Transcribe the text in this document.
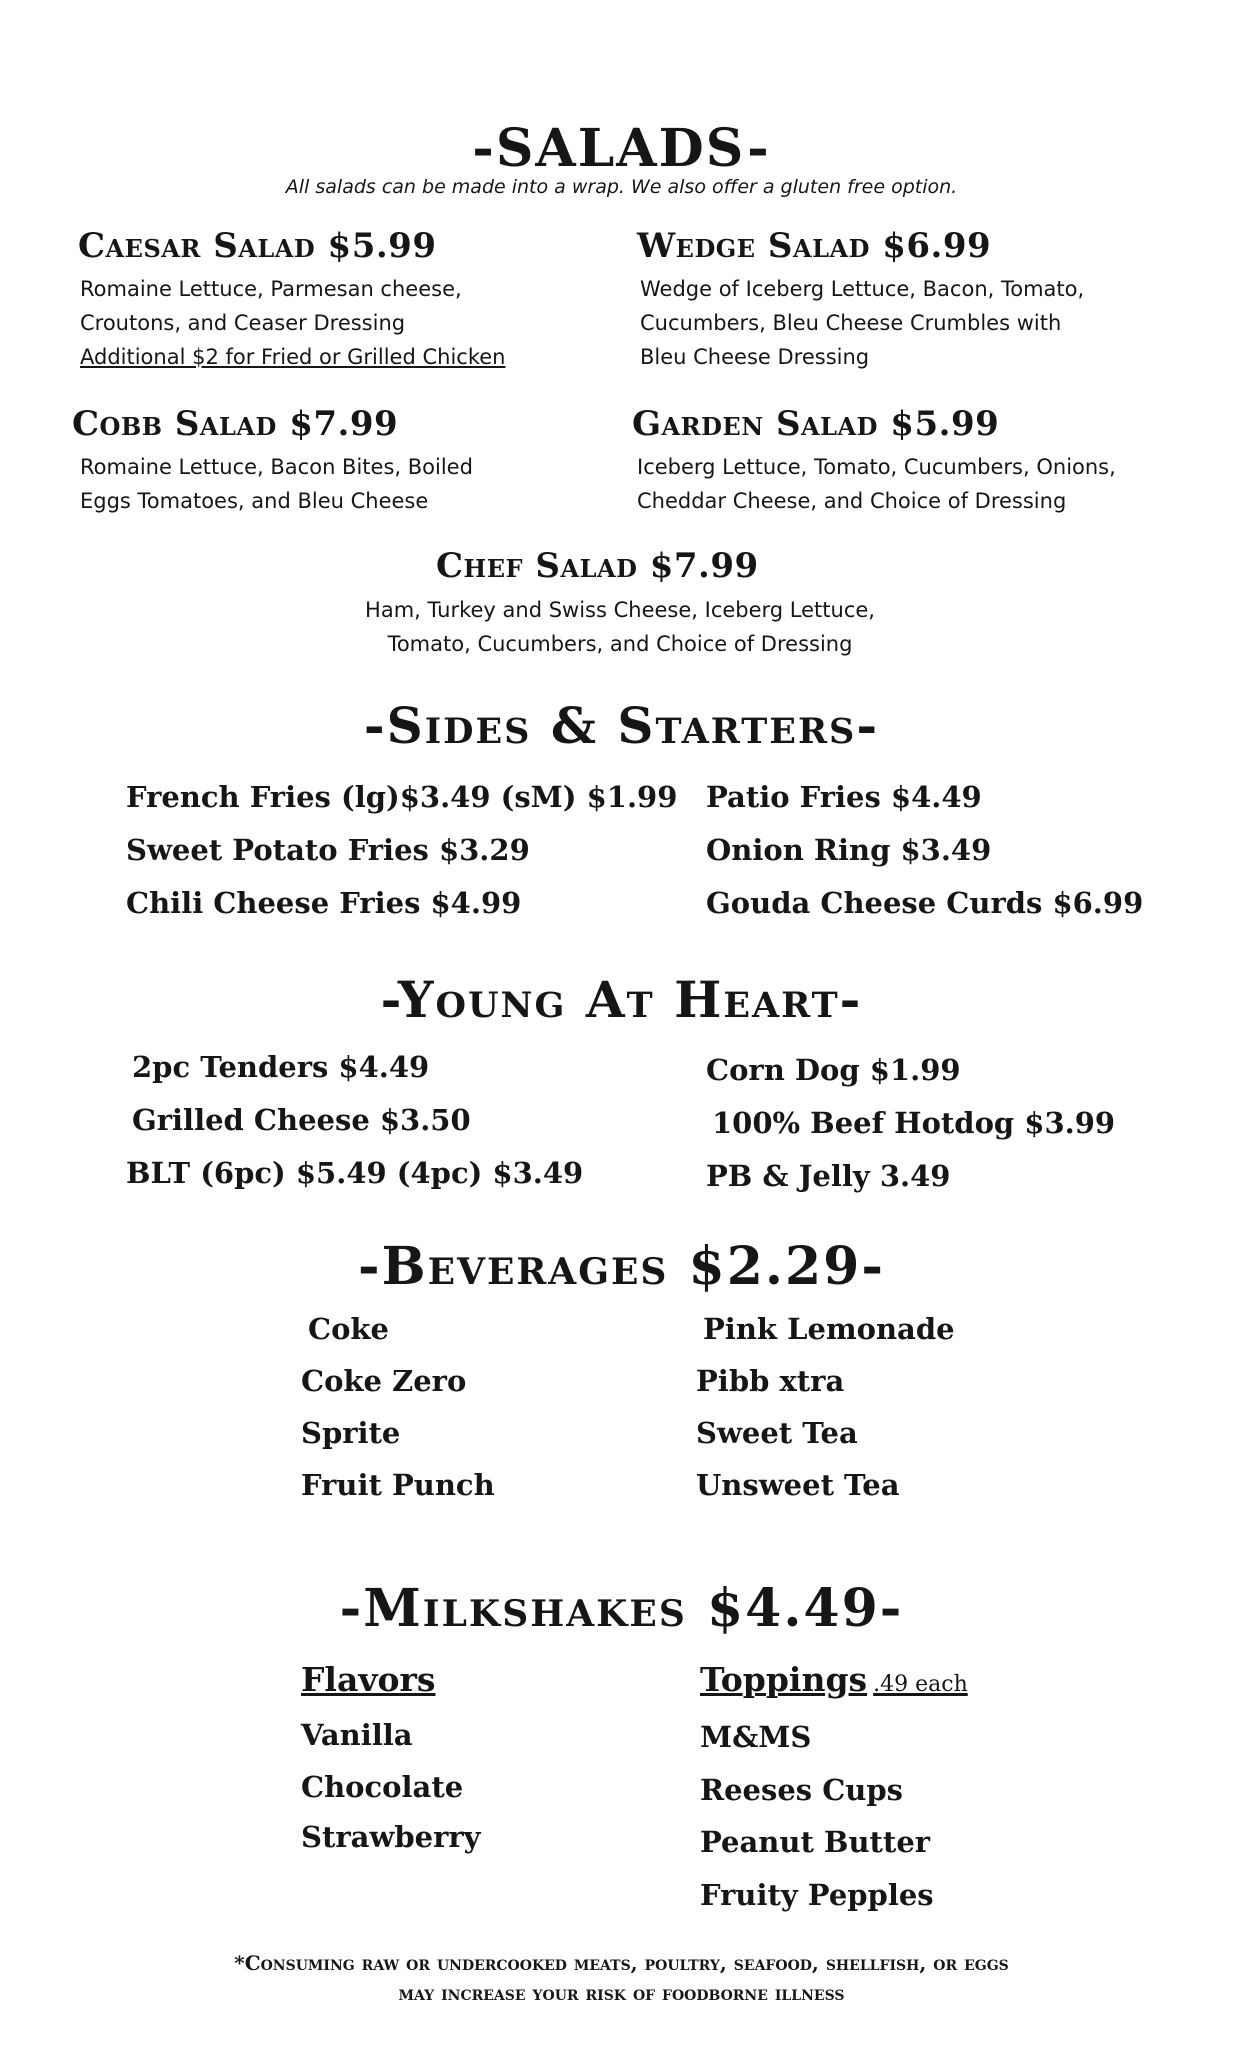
-SALADS-
All salads can be made into a wrap. We also offer a gluten free option.
Caesar Salad $5.99
Romaine Lettuce, Parmesan cheese,
Croutons, and Ceaser Dressing
Additional $2 for Fried or Grilled Chicken
Wedge Salad $6.99
Wedge of Iceberg Lettuce, Bacon, Tomato,
Cucumbers, Bleu Cheese Crumbles with
Bleu Cheese Dressing
Cobb Salad $7.99
Romaine Lettuce, Bacon Bites, Boiled
Eggs Tomatoes, and Bleu Cheese
Garden Salad $5.99
Iceberg Lettuce, Tomato, Cucumbers, Onions,
Cheddar Cheese, and Choice of Dressing
Chef Salad $7.99
Ham, Turkey and Swiss Cheese, Iceberg Lettuce,
Tomato, Cucumbers, and Choice of Dressing
-Sides & Starters-
French Fries (lg)$3.49 (sM) $1.99
Sweet Potato Fries $3.29
Chili Cheese Fries $4.99
Patio Fries $4.49
Onion Ring $3.49
Gouda Cheese Curds $6.99
-Young At Heart-
2pc Tenders $4.49
Grilled Cheese $3.50
BLT (6pc) $5.49 (4pc) $3.49
Corn Dog $1.99
100% Beef Hotdog $3.99
PB & Jelly 3.49
-Beverages $2.29-
Coke
Coke Zero
Sprite
Fruit Punch
Pink Lemonade
Pibb xtra
Sweet Tea
Unsweet Tea
-Milkshakes $4.49-
Flavors	Toppings .49 each
Vanilla
Chocolate
Strawberry
M&MS
Reeses Cups
Peanut Butter
Fruity Pepples
*Consuming raw or undercooked meats, poultry, seafood, shellfish, or eggs
may increase your risk of foodborne illness
